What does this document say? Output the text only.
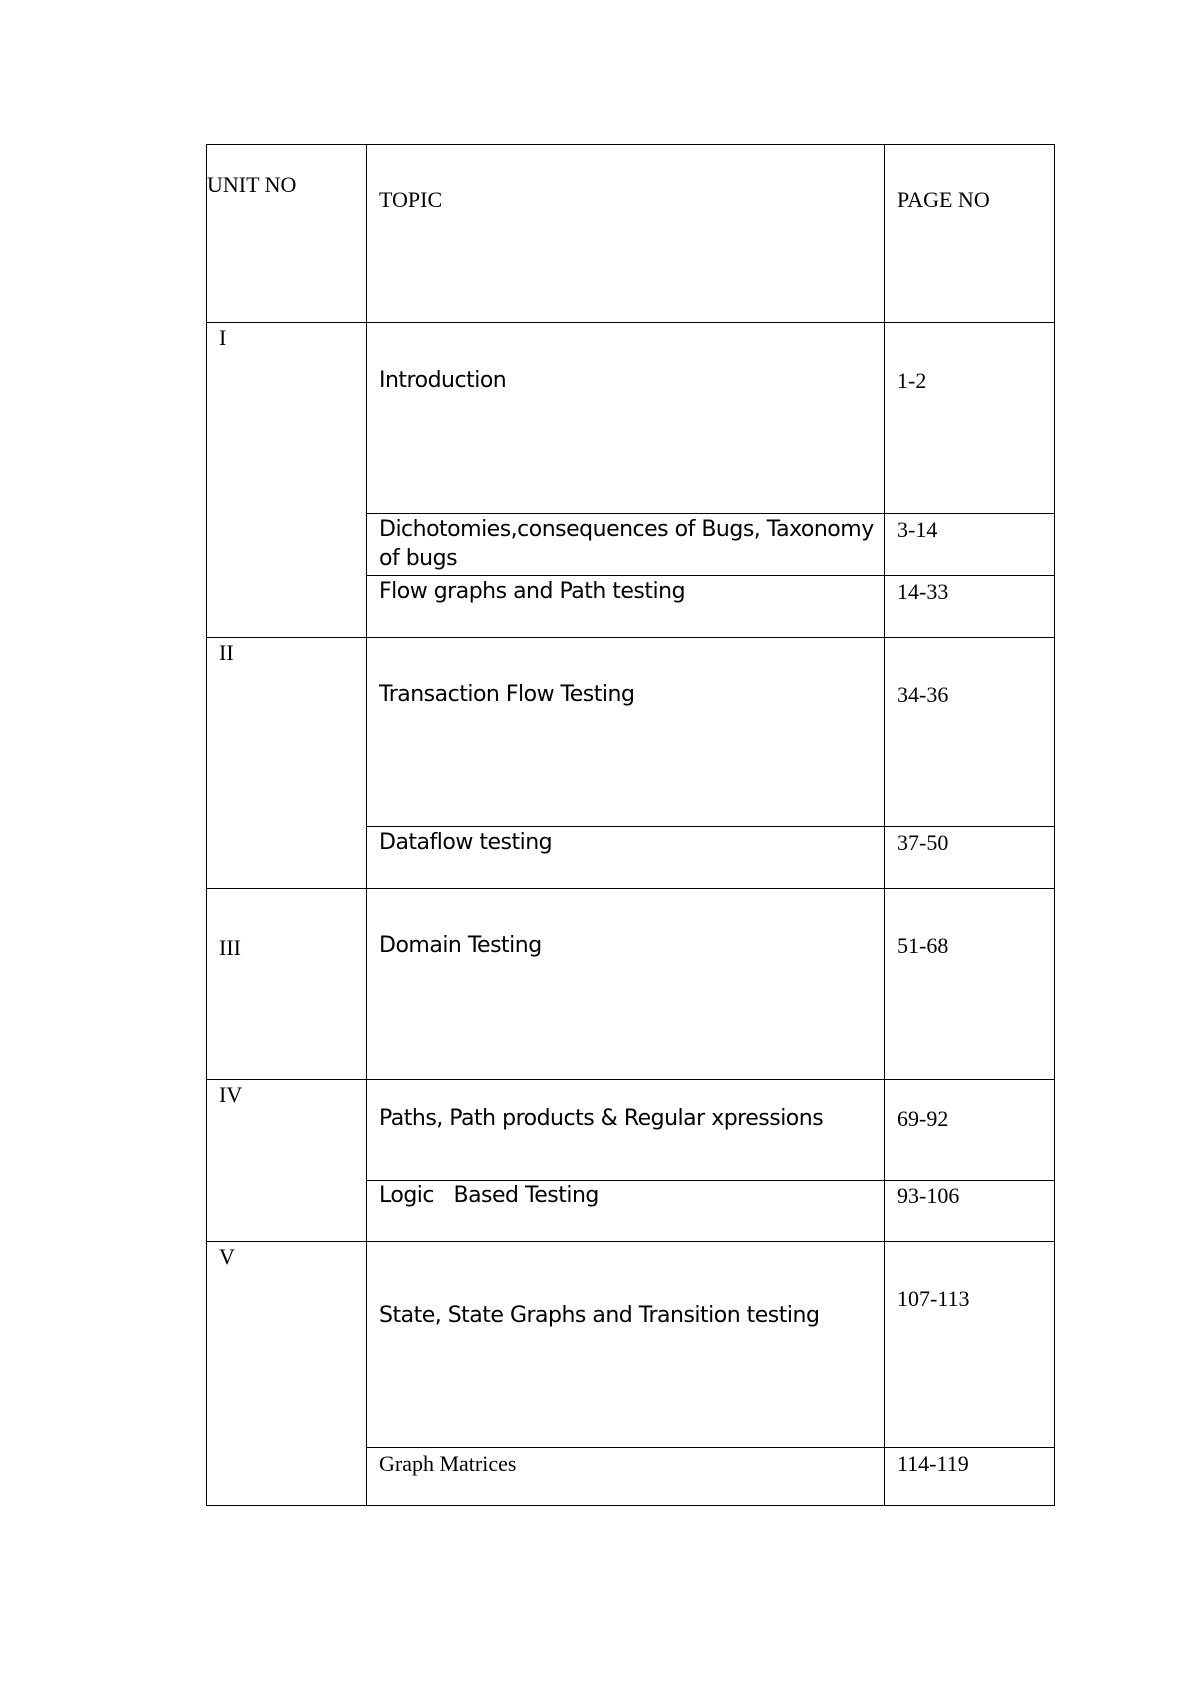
UNIT NO	TOPIC	PAGE NO
I	Introduction	1-2
	Dichotomies,consequences of Bugs, Taxonomy of bugs	3-14
	Flow graphs and Path testing	14-33
II	Transaction Flow Testing	34-36
	Dataflow testing	37-50
III	Domain Testing	51-68
IV	Paths, Path products & Regular xpressions	69-92
	Logic   Based Testing	93-106
V	State, State Graphs and Transition testing	107-113
	Graph Matrices	114-119
